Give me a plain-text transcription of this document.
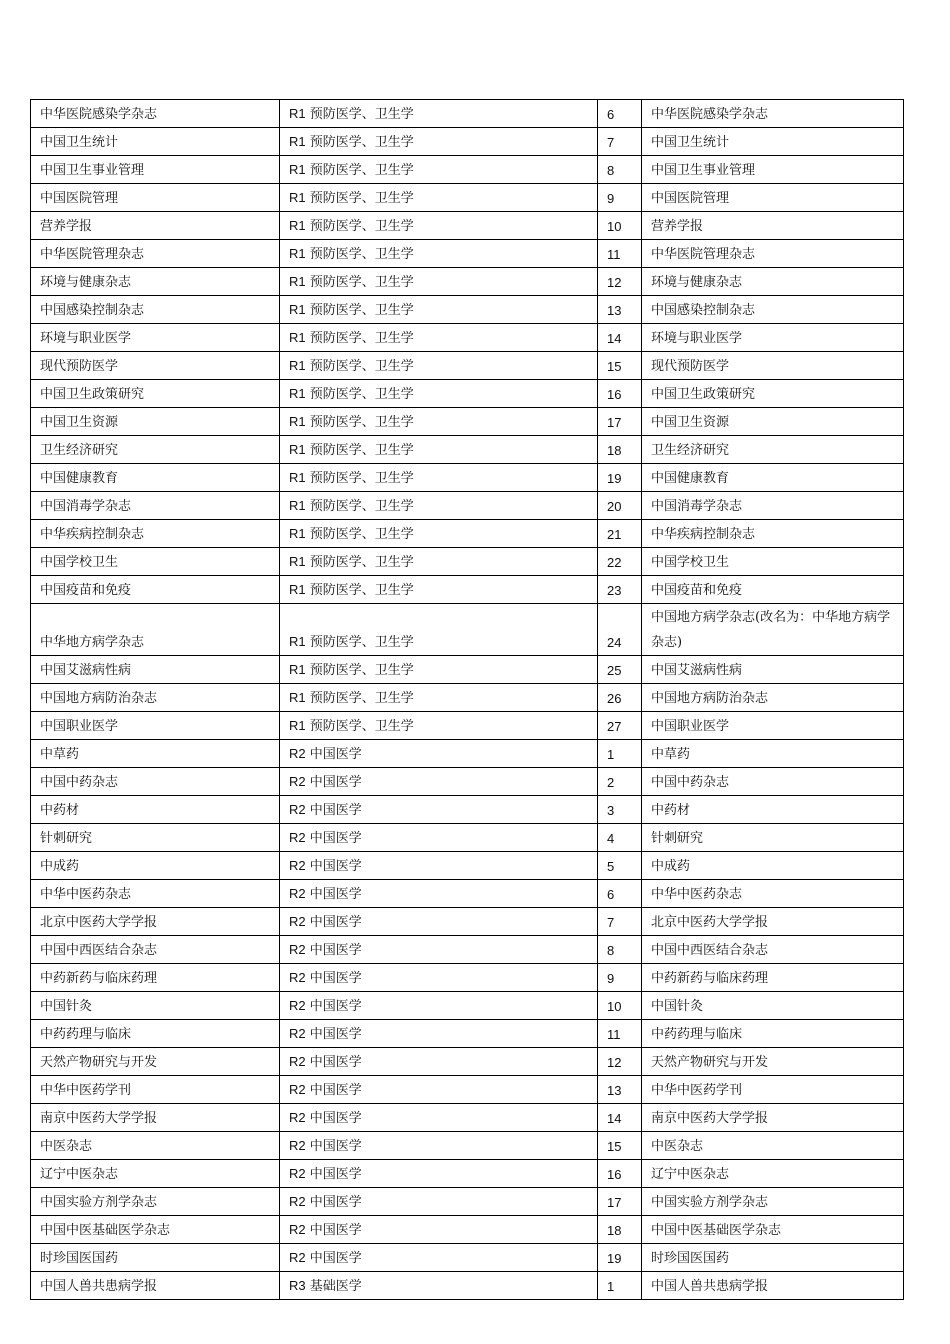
中华医院感染学杂志	R1 预防医学、卫生学	6	中华医院感染学杂志
中国卫生统计	R1 预防医学、卫生学	7	中国卫生统计
中国卫生事业管理	R1 预防医学、卫生学	8	中国卫生事业管理
中国医院管理	R1 预防医学、卫生学	9	中国医院管理
营养学报	R1 预防医学、卫生学	10	营养学报
中华医院管理杂志	R1 预防医学、卫生学	11	中华医院管理杂志
环境与健康杂志	R1 预防医学、卫生学	12	环境与健康杂志
中国感染控制杂志	R1 预防医学、卫生学	13	中国感染控制杂志
环境与职业医学	R1 预防医学、卫生学	14	环境与职业医学
现代预防医学	R1 预防医学、卫生学	15	现代预防医学
中国卫生政策研究	R1 预防医学、卫生学	16	中国卫生政策研究
中国卫生资源	R1 预防医学、卫生学	17	中国卫生资源
卫生经济研究	R1 预防医学、卫生学	18	卫生经济研究
中国健康教育	R1 预防医学、卫生学	19	中国健康教育
中国消毒学杂志	R1 预防医学、卫生学	20	中国消毒学杂志
中华疾病控制杂志	R1 预防医学、卫生学	21	中华疾病控制杂志
中国学校卫生	R1 预防医学、卫生学	22	中国学校卫生
中国疫苗和免疫	R1 预防医学、卫生学	23	中国疫苗和免疫
中华地方病学杂志	R1 预防医学、卫生学	24	中国地方病学杂志(改名为：中华地方病学杂志)
中国艾滋病性病	R1 预防医学、卫生学	25	中国艾滋病性病
中国地方病防治杂志	R1 预防医学、卫生学	26	中国地方病防治杂志
中国职业医学	R1 预防医学、卫生学	27	中国职业医学
中草药	R2 中国医学	1	中草药
中国中药杂志	R2 中国医学	2	中国中药杂志
中药材	R2 中国医学	3	中药材
针刺研究	R2 中国医学	4	针刺研究
中成药	R2 中国医学	5	中成药
中华中医药杂志	R2 中国医学	6	中华中医药杂志
北京中医药大学学报	R2 中国医学	7	北京中医药大学学报
中国中西医结合杂志	R2 中国医学	8	中国中西医结合杂志
中药新药与临床药理	R2 中国医学	9	中药新药与临床药理
中国针灸	R2 中国医学	10	中国针灸
中药药理与临床	R2 中国医学	11	中药药理与临床
天然产物研究与开发	R2 中国医学	12	天然产物研究与开发
中华中医药学刊	R2 中国医学	13	中华中医药学刊
南京中医药大学学报	R2 中国医学	14	南京中医药大学学报
中医杂志	R2 中国医学	15	中医杂志
辽宁中医杂志	R2 中国医学	16	辽宁中医杂志
中国实验方剂学杂志	R2 中国医学	17	中国实验方剂学杂志
中国中医基础医学杂志	R2 中国医学	18	中国中医基础医学杂志
时珍国医国药	R2 中国医学	19	时珍国医国药
中国人兽共患病学报	R3 基础医学	1	中国人兽共患病学报
